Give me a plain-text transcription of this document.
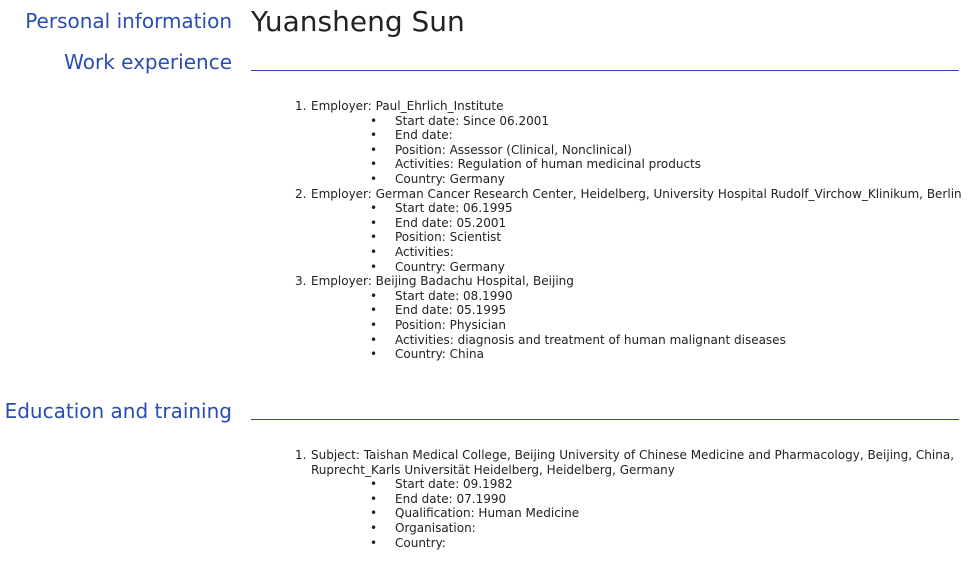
Personal information Yuansheng Sun
Work experience
1. Employer: Paul_Ehrlich_Institute
• Start date: Since 06.2001
• End date:
• Position: Assessor (Clinical, Nonclinical)
• Activities: Regulation of human medicinal products
• Country: Germany
2. Employer: German Cancer Research Center, Heidelberg, University Hospital Rudolf_Virchow_Klinikum, Berlin
• Start date: 06.1995
• End date: 05.2001
• Position: Scientist
• Activities:
• Country: Germany
3. Employer: Beijing Badachu Hospital, Beijing
• Start date: 08.1990
• End date: 05.1995
• Position: Physician
• Activities: diagnosis and treatment of human malignant diseases
• Country: China
Education and training
1. Subject: Taishan Medical College, Beijing University of Chinese Medicine and Pharmacology, Beijing, China, Ruprecht_Karls Universität Heidelberg, Heidelberg, Germany
• Start date: 09.1982
• End date: 07.1990
• Qualification: Human Medicine
• Organisation:
• Country:
